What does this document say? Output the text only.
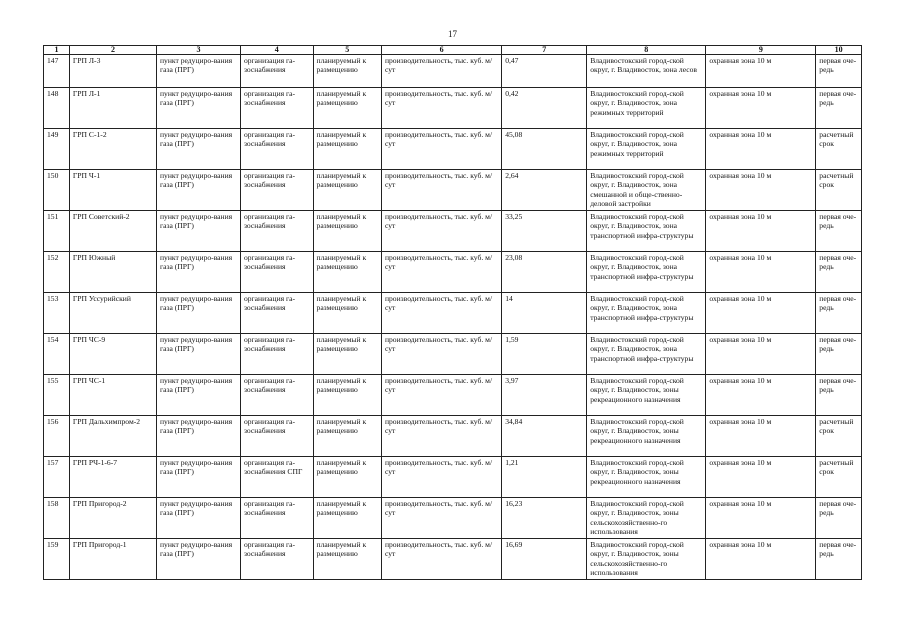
17
1	2	3	4	5	6	7	8	9	10
147	ГРП Л-3	пункт редуциро-вания газа (ПРГ)	организация га-зоснабжения	планируемый к размещению	производительность, тыс. куб. м/сут	0,47	Владивостокский город-ской округ, г. Владивосток, зона лесов	охранная зона 10 м	первая оче-редь
148	ГРП Л-1	пункт редуциро-вания газа (ПРГ)	организация га-зоснабжения	планируемый к размещению	производительность, тыс. куб. м/сут	0,42	Владивостокский город-ской округ, г. Владивосток, зона режимных территорий	охранная зона 10 м	первая оче-редь
149	ГРП С-1-2	пункт редуциро-вания газа (ПРГ)	организация га-зоснабжения	планируемый к размещению	производительность, тыс. куб. м/сут	45,08	Владивостокский город-ской округ, г. Владивосток, зона режимных территорий	охранная зона 10 м	расчетный срок
150	ГРП Ч-1	пункт редуциро-вания газа (ПРГ)	организация га-зоснабжения	планируемый к размещению	производительность, тыс. куб. м/сут	2,64	Владивостокский город-ской округ, г. Владивосток, зона смешанной и обще-ственно-деловой застройки	охранная зона 10 м	расчетный срок
151	ГРП Советский-2	пункт редуциро-вания газа (ПРГ)	организация га-зоснабжения	планируемый к размещению	производительность, тыс. куб. м/сут	33,25	Владивостокский город-ской округ, г. Владивосток, зона транспортной инфра-структуры	охранная зона 10 м	первая оче-редь
152	ГРП Южный	пункт редуциро-вания газа (ПРГ)	организация га-зоснабжения	планируемый к размещению	производительность, тыс. куб. м/сут	23,08	Владивостокский город-ской округ, г. Владивосток, зона транспортной инфра-структуры	охранная зона 10 м	первая оче-редь
153	ГРП Уссурийский	пункт редуциро-вания газа (ПРГ)	организация га-зоснабжения	планируемый к размещению	производительность, тыс. куб. м/сут	14	Владивостокский город-ской округ, г. Владивосток, зона транспортной инфра-структуры	охранная зона 10 м	первая оче-редь
154	ГРП ЧС-9	пункт редуциро-вания газа (ПРГ)	организация га-зоснабжения	планируемый к размещению	производительность, тыс. куб. м/сут	1,59	Владивостокский город-ской округ, г. Владивосток, зона транспортной инфра-структуры	охранная зона 10 м	первая оче-редь
155	ГРП ЧС-1	пункт редуциро-вания газа (ПРГ)	организация га-зоснабжения	планируемый к размещению	производительность, тыс. куб. м/сут	3,97	Владивостокский город-ской округ, г. Владивосток, зоны рекреационного назначения	охранная зона 10 м	первая оче-редь
156	ГРП Дальхимпром-2	пункт редуциро-вания газа (ПРГ)	организация га-зоснабжения	планируемый к размещению	производительность, тыс. куб. м/сут	34,84	Владивостокский город-ской округ, г. Владивосток, зоны рекреационного назначения	охранная зона 10 м	расчетный срок
157	ГРП РЧ-1-6-7	пункт редуциро-вания газа (ПРГ)	организация га-зоснабжения СПГ	планируемый к размещению	производительность, тыс. куб. м/сут	1,21	Владивостокский город-ской округ, г. Владивосток, зоны рекреационного назначения	охранная зона 10 м	расчетный срок
158	ГРП Пригород-2	пункт редуциро-вания газа (ПРГ)	организация га-зоснабжения	планируемый к размещению	производительность, тыс. куб. м/сут	16,23	Владивостокский город-ской округ, г. Владивосток, зоны сельскохозяйственно-го использования	охранная зона 10 м	первая оче-редь
159	ГРП Пригород-1	пункт редуциро-вания газа (ПРГ)	организация га-зоснабжения	планируемый к размещению	производительность, тыс. куб. м/сут	16,69	Владивостокский город-ской округ, г. Владивосток, зоны сельскохозяйственно-го использования	охранная зона 10 м	первая оче-редь
